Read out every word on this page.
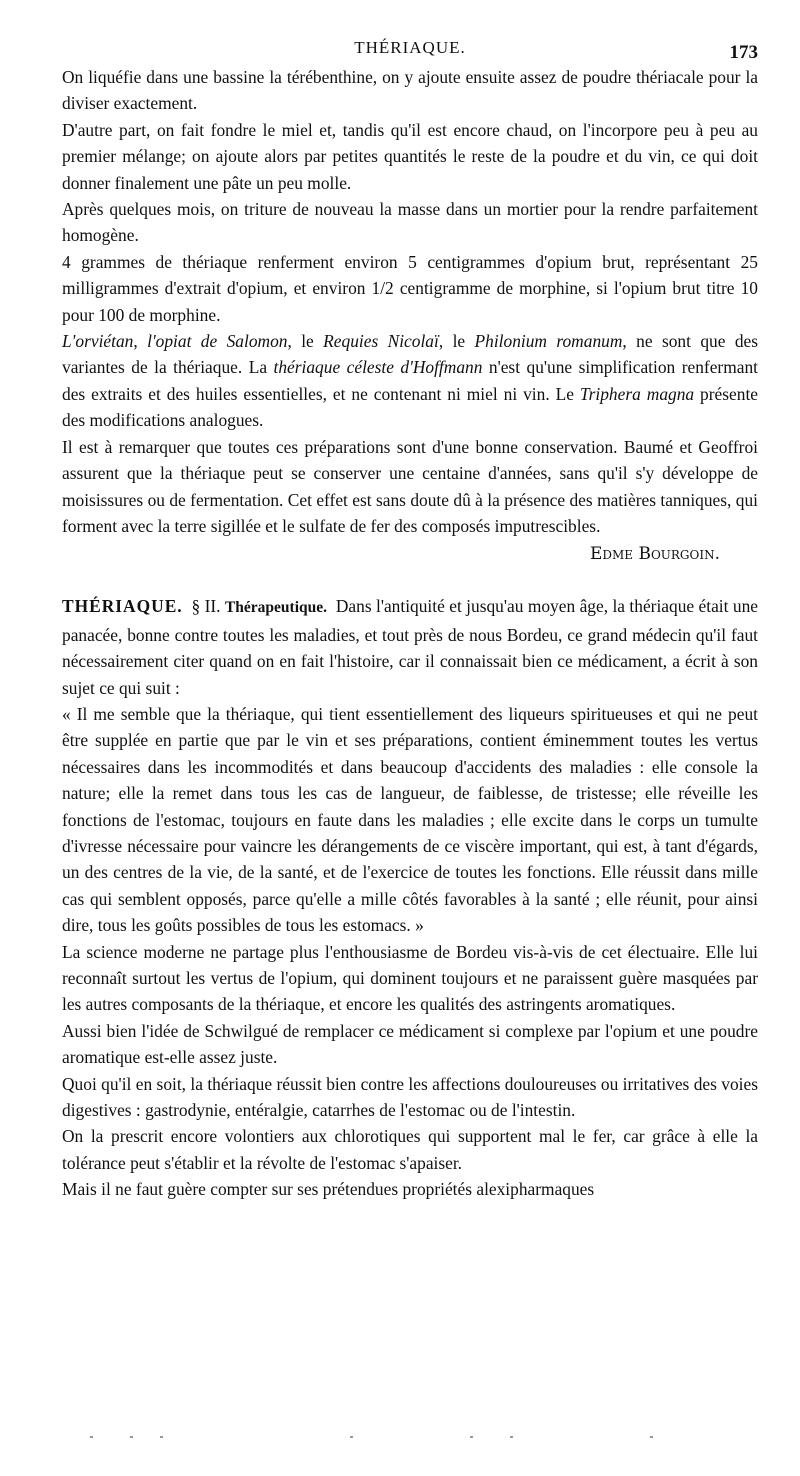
THÉRIAQUE.	173

On liquéfie dans une bassine la térébenthine, on y ajoute ensuite assez de poudre thériacale pour la diviser exactement.

D'autre part, on fait fondre le miel et, tandis qu'il est encore chaud, on l'incorpore peu à peu au premier mélange; on ajoute alors par petites quantités le reste de la poudre et du vin, ce qui doit donner finalement une pâte un peu molle.

Après quelques mois, on triture de nouveau la masse dans un mortier pour la rendre parfaitement homogène.

4 grammes de thériaque renferment environ 5 centigrammes d'opium brut, représentant 25 milligrammes d'extrait d'opium, et environ 1/2 centigramme de morphine, si l'opium brut titre 10 pour 100 de morphine.

L'orviétan, l'opiat de Salomon, le Requies Nicolaï, le Philonium romanum, ne sont que des variantes de la thériaque. La thériaque céleste d'Hoffmann n'est qu'une simplification renfermant des extraits et des huiles essentielles, et ne contenant ni miel ni vin. Le Triphera magna présente des modifications analogues.

Il est à remarquer que toutes ces préparations sont d'une bonne conservation. Baumé et Geoffroi assurent que la thériaque peut se conserver une centaine d'années, sans qu'il s'y développe de moisissures ou de fermentation. Cet effet est sans doute dû à la présence des matières tanniques, qui forment avec la terre sigillée et le sulfate de fer des composés imputrescibles.

Edme Bourgoin.

THÉRIAQUE. § II. Thérapeutique. Dans l'antiquité et jusqu'au moyen âge, la thériaque était une panacée, bonne contre toutes les maladies, et tout près de nous Bordeu, ce grand médecin qu'il faut nécessairement citer quand on en fait l'histoire, car il connaissait bien ce médicament, a écrit à son sujet ce qui suit :

« Il me semble que la thériaque, qui tient essentiellement des liqueurs spiritueuses et qui ne peut être supplée en partie que par le vin et ses préparations, contient éminemment toutes les vertus nécessaires dans les incommodités et dans beaucoup d'accidents des maladies : elle console la nature; elle la remet dans tous les cas de langueur, de faiblesse, de tristesse; elle réveille les fonctions de l'estomac, toujours en faute dans les maladies ; elle excite dans le corps un tumulte d'ivresse nécessaire pour vaincre les dérangements de ce viscère important, qui est, à tant d'égards, un des centres de la vie, de la santé, et de l'exercice de toutes les fonctions. Elle réussit dans mille cas qui semblent opposés, parce qu'elle a mille côtés favorables à la santé ; elle réunit, pour ainsi dire, tous les goûts possibles de tous les estomacs. »

La science moderne ne partage plus l'enthousiasme de Bordeu vis-à-vis de cet électuaire. Elle lui reconnaît surtout les vertus de l'opium, qui dominent toujours et ne paraissent guère masquées par les autres composants de la thériaque, et encore les qualités des astringents aromatiques.

Aussi bien l'idée de Schwilgué de remplacer ce médicament si complexe par l'opium et une poudre aromatique est-elle assez juste.

Quoi qu'il en soit, la thériaque réussit bien contre les affections douloureuses ou irritatives des voies digestives : gastrodynie, entéralgie, catarrhes de l'estomac ou de l'intestin.

On la prescrit encore volontiers aux chlorotiques qui supportent mal le fer, car grâce à elle la tolérance peut s'établir et la révolte de l'estomac s'apaiser.

Mais il ne faut guère compter sur ses prétendues propriétés alexipharmaques
